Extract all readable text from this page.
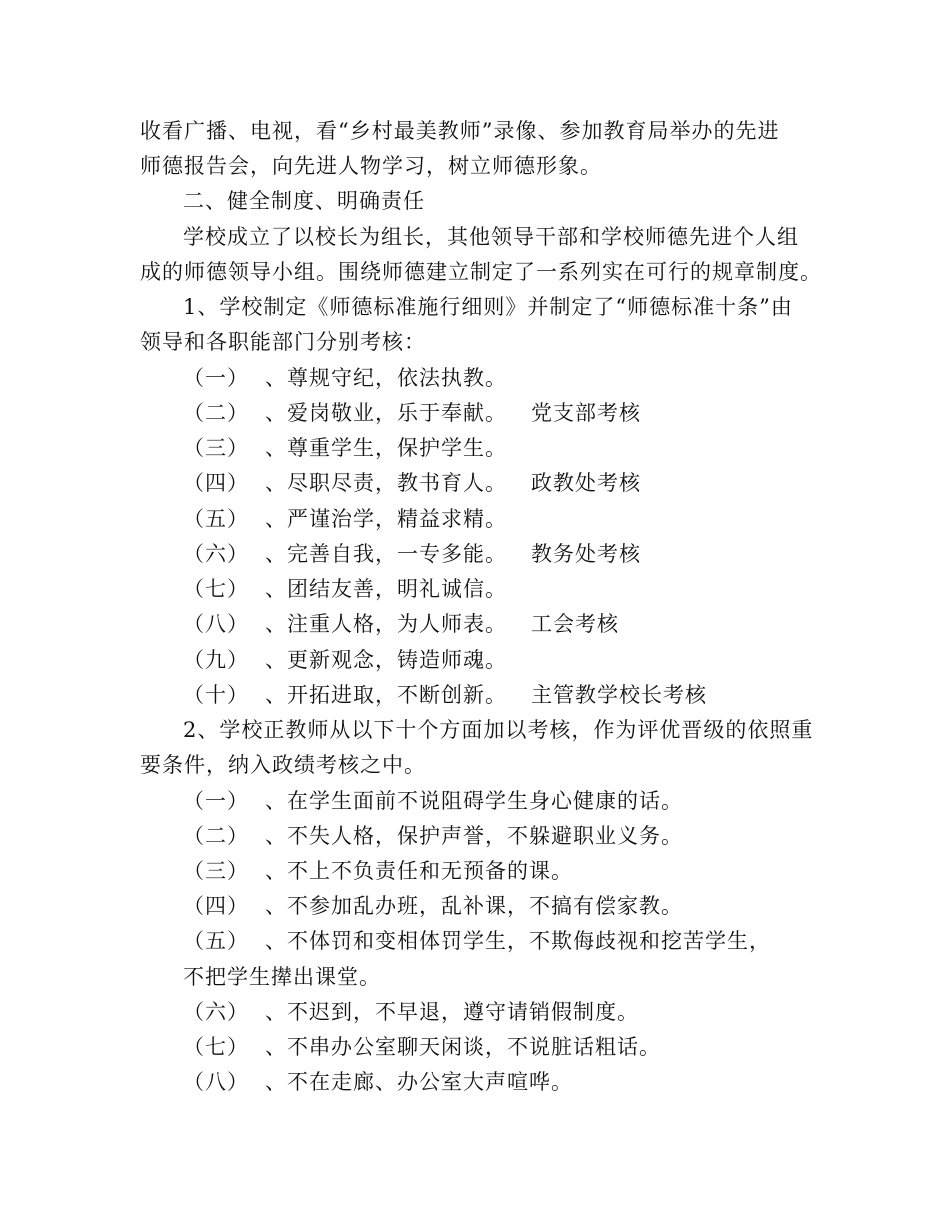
收看广播、电视，看“乡村最美教师”录像、参加教育局举办的先进
师德报告会，向先进人物学习，树立师德形象。
二、健全制度、明确责任
学校成立了以校长为组长，其他领导干部和学校师德先进个人组
成的师德领导小组。围绕师德建立制定了一系列实在可行的规章制度。
1、学校制定《师德标准施行细则》并制定了“师德标准十条”由
领导和各职能部门分别考核：
（一） 、尊规守纪，依法执教。
（二） 、爱岗敬业，乐于奉献。 党支部考核
（三） 、尊重学生，保护学生。
（四） 、尽职尽责，教书育人。 政教处考核
（五） 、严谨治学，精益求精。
（六） 、完善自我，一专多能。 教务处考核
（七） 、团结友善，明礼诚信。
（八） 、注重人格，为人师表。 工会考核
（九） 、更新观念，铸造师魂。
（十） 、开拓进取，不断创新。 主管教学校长考核
2、学校正教师从以下十个方面加以考核，作为评优晋级的依照重
要条件，纳入政绩考核之中。
（一） 、在学生面前不说阻碍学生身心健康的话。
（二） 、不失人格，保护声誉，不躲避职业义务。
（三） 、不上不负责任和无预备的课。
（四） 、不参加乱办班，乱补课，不搞有偿家教。
（五） 、不体罚和变相体罚学生，不欺侮歧视和挖苦学生，
不把学生撵出课堂。
（六） 、不迟到，不早退，遵守请销假制度。
（七） 、不串办公室聊天闲谈，不说脏话粗话。
（八） 、不在走廊、办公室大声喧哗。
